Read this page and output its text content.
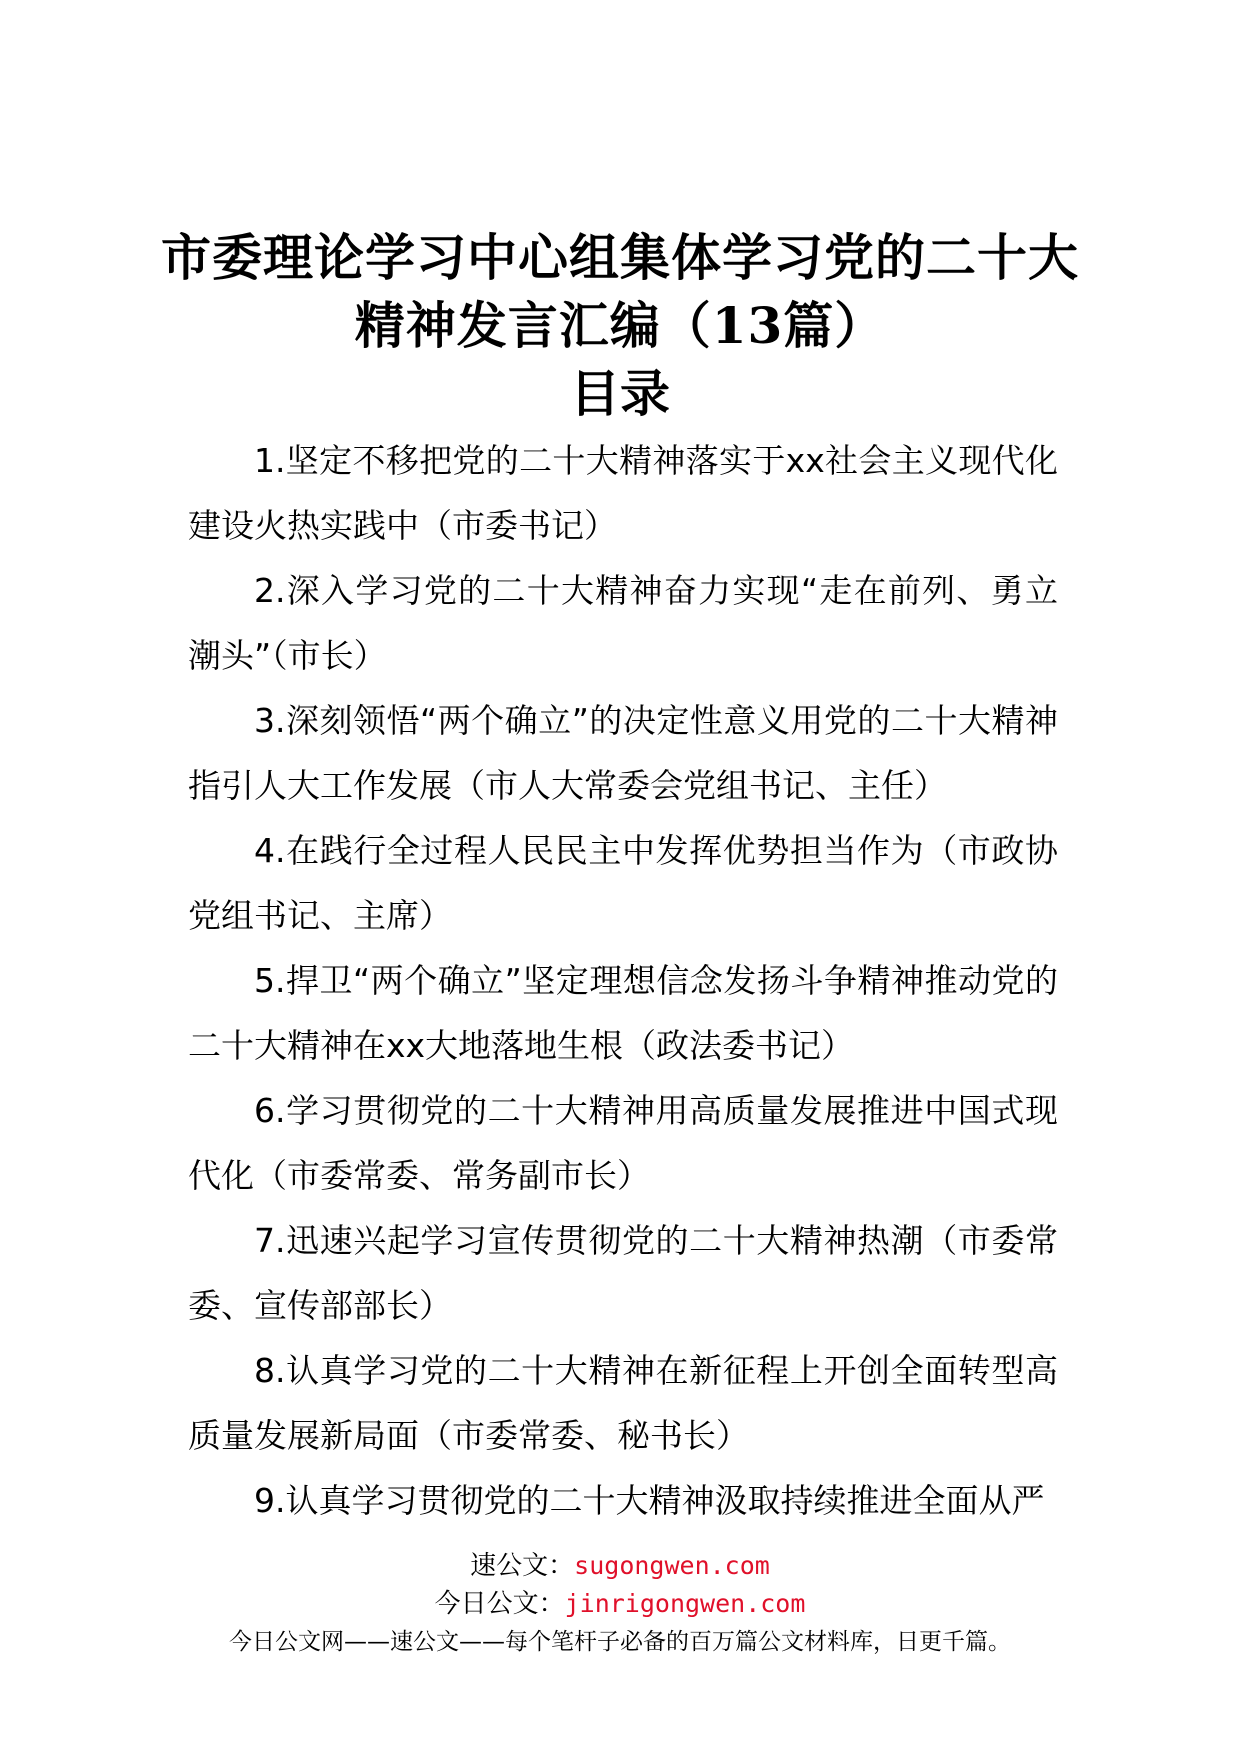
市委理论学习中心组集体学习党的二十大
精神发言汇编（13篇）
目录
1.坚定不移把党的二十大精神落实于xx社会主义现代化建设火热实践中（市委书记）
2.深入学习党的二十大精神奋力实现“走在前列、勇立潮头”（市长）
3.深刻领悟“两个确立”的决定性意义用党的二十大精神指引人大工作发展（市人大常委会党组书记、主任）
4.在践行全过程人民民主中发挥优势担当作为（市政协党组书记、主席）
5.捍卫“两个确立”坚定理想信念发扬斗争精神推动党的二十大精神在xx大地落地生根（政法委书记）
6.学习贯彻党的二十大精神用高质量发展推进中国式现代化（市委常委、常务副市长）
7.迅速兴起学习宣传贯彻党的二十大精神热潮（市委常委、宣传部部长）
8.认真学习党的二十大精神在新征程上开创全面转型高质量发展新局面（市委常委、秘书长）
9.认真学习贯彻党的二十大精神汲取持续推进全面从严
速公文：sugongwen.com
今日公文：jinrigongwen.com
今日公文网——速公文——每个笔杆子必备的百万篇公文材料库，日更千篇。
